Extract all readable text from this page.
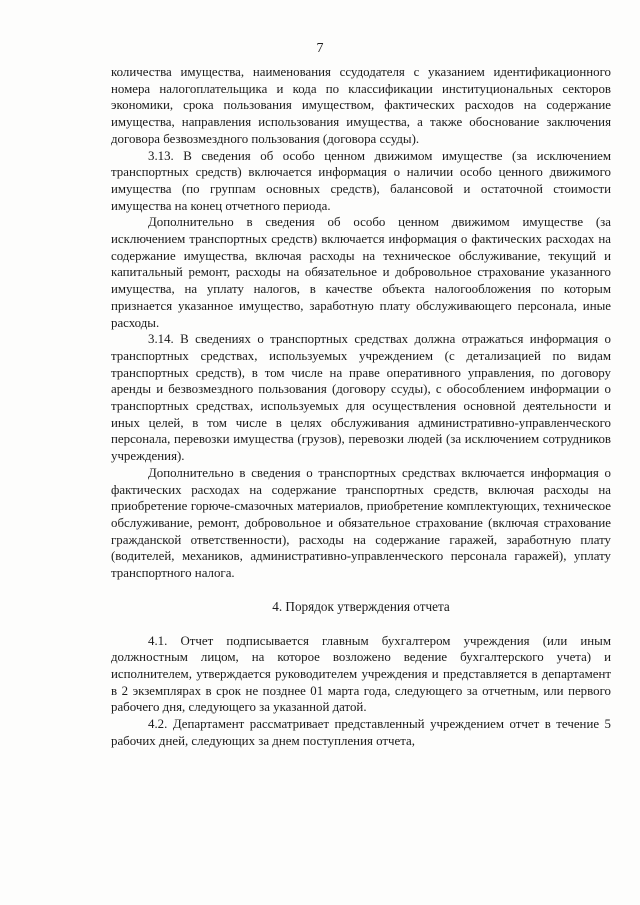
7

количества имущества, наименования ссудодателя с указанием идентификационного номера налогоплательщика и кода по классификации институциональных секторов экономики, срока пользования имуществом, фактических расходов на содержание имущества, направления использования имущества, а также обоснование заключения договора безвозмездного пользования (договора ссуды).

3.13. В сведения об особо ценном движимом имуществе (за исключением транспортных средств) включается информация о наличии особо ценного движимого имущества (по группам основных средств), балансовой и остаточной стоимости имущества на конец отчетного периода.

Дополнительно в сведения об особо ценном движимом имуществе (за исключением транспортных средств) включается информация о фактических расходах на содержание имущества, включая расходы на техническое обслуживание, текущий и капитальный ремонт, расходы на обязательное и добровольное страхование указанного имущества, на уплату налогов, в качестве объекта налогообложения по которым признается указанное имущество, заработную плату обслуживающего персонала, иные расходы.

3.14. В сведениях о транспортных средствах должна отражаться информация о транспортных средствах, используемых учреждением (с детализацией по видам транспортных средств), в том числе на праве оперативного управления, по договору аренды и безвозмездного пользования (договору ссуды), с обособлением информации о транспортных средствах, используемых для осуществления основной деятельности и иных целей, в том числе в целях обслуживания административно-управленческого персонала, перевозки имущества (грузов), перевозки людей (за исключением сотрудников учреждения).

Дополнительно в сведения о транспортных средствах включается информация о фактических расходах на содержание транспортных средств, включая расходы на приобретение горюче-смазочных материалов, приобретение комплектующих, техническое обслуживание, ремонт, добровольное и обязательное страхование (включая страхование гражданской ответственности), расходы на содержание гаражей, заработную плату (водителей, механиков, административно-управленческого персонала гаражей), уплату транспортного налога.

4. Порядок утверждения отчета

4.1. Отчет подписывается главным бухгалтером учреждения (или иным должностным лицом, на которое возложено ведение бухгалтерского учета) и исполнителем, утверждается руководителем учреждения и представляется в департамент в 2 экземплярах в срок не позднее 01 марта года, следующего за отчетным, или первого рабочего дня, следующего за указанной датой.

4.2. Департамент рассматривает представленный учреждением отчет в течение 5 рабочих дней, следующих за днем поступления отчета,
